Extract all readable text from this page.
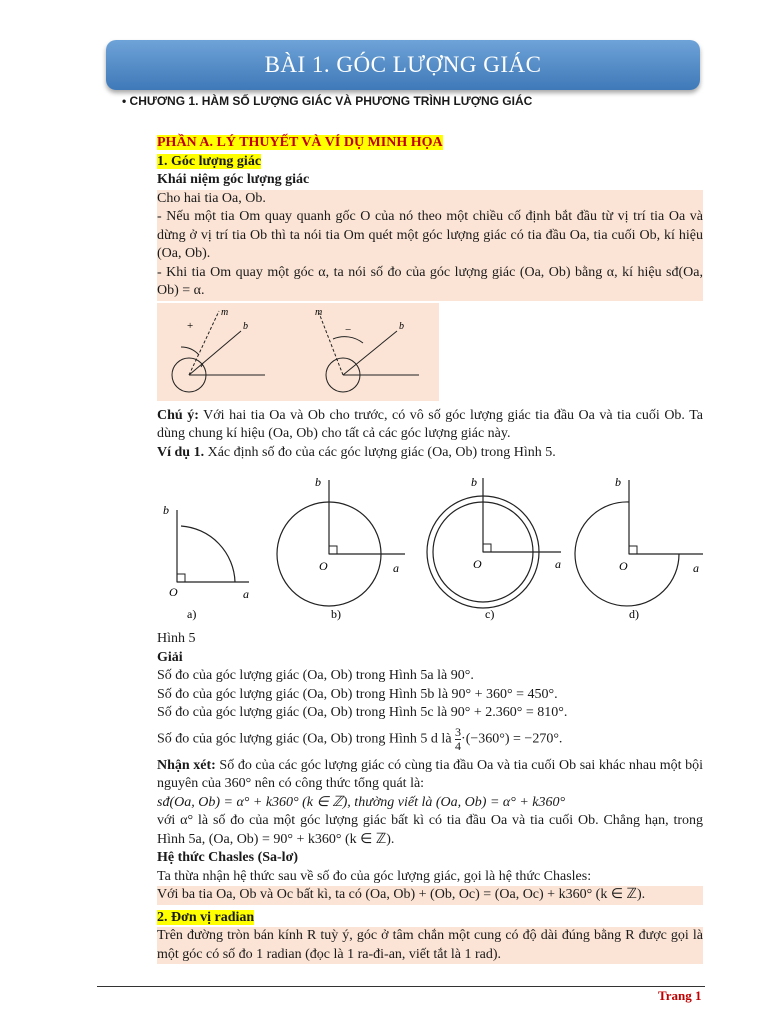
BÀI 1. GÓC LƯỢNG GIÁC
• CHƯƠNG 1. HÀM SỐ LƯỢNG GIÁC VÀ PHƯƠNG TRÌNH LƯỢNG GIÁC

PHẦN A. LÝ THUYẾT VÀ VÍ DỤ MINH HỌA

1. Góc lượng giác

Khái niệm góc lượng giác

Cho hai tia Oa, Ob.

- Nếu một tia Om quay quanh gốc O của nó theo một chiều cố định bắt đầu từ vị trí tia Oa và dừng ở vị trí tia Ob thì ta nói tia Om quét một góc lượng giác có tia đầu Oa, tia cuối Ob, kí hiệu (Oa, Ob).

- Khi tia Om quay một góc α, ta nói số đo của góc lượng giác (Oa, Ob) bằng α, kí hiệu sđ(Oa, Ob) = α.

m
b
+
m
b
−

Chú ý: Với hai tia Oa và Ob cho trước, có vô số góc lượng giác tia đầu Oa và tia cuối Ob. Ta dùng chung kí hiệu (Oa, Ob) cho tất cả các góc lượng giác này.

Ví dụ 1. Xác định số đo của các góc lượng giác (Oa, Ob) trong Hình 5.

O	a
b
a)
O	a
b
b)
O	a
b
c)
O	a
b
d)

Hình 5

Giải

Số đo của góc lượng giác (Oa, Ob) trong Hình 5a là 90°.

Số đo của góc lượng giác (Oa, Ob) trong Hình 5b là 90° + 360° = 450°.

Số đo của góc lượng giác (Oa, Ob) trong Hình 5c là 90° + 2.360° = 810°.

Số đo của góc lượng giác (Oa, Ob) trong Hình 5 d là $\frac{3}{4} \cdot(-360^\circ) = -270^\circ$.

Nhận xét: Số đo của các góc lượng giác có cùng tia đầu Oa và tia cuối Ob sai khác nhau một bội nguyên của 360° nên có công thức tổng quát là:

sđ(Oa, Ob) = α° + k360° (k ∈ ℤ), thường viết là (Oa, Ob) = α° + k360°

với α° là số đo của một góc lượng giác bất kì có tia đầu Oa và tia cuối Ob. Chẳng hạn, trong Hình 5a, (Oa, Ob) = 90° + k360° (k ∈ ℤ).

Hệ thức Chasles (Sa-lơ)

Ta thừa nhận hệ thức sau về số đo của góc lượng giác, gọi là hệ thức Chasles:

Với ba tia Oa, Ob và Oc bất kì, ta có (Oa, Ob) + (Ob, Oc) = (Oa, Oc) + k360° (k ∈ ℤ).

2. Đơn vị radian

Trên đường tròn bán kính R tuỳ ý, góc ở tâm chắn một cung có độ dài đúng bằng R được gọi là một góc có số đo 1 radian (đọc là 1 ra-đi-an, viết tắt là 1 rad).

Trang 1
